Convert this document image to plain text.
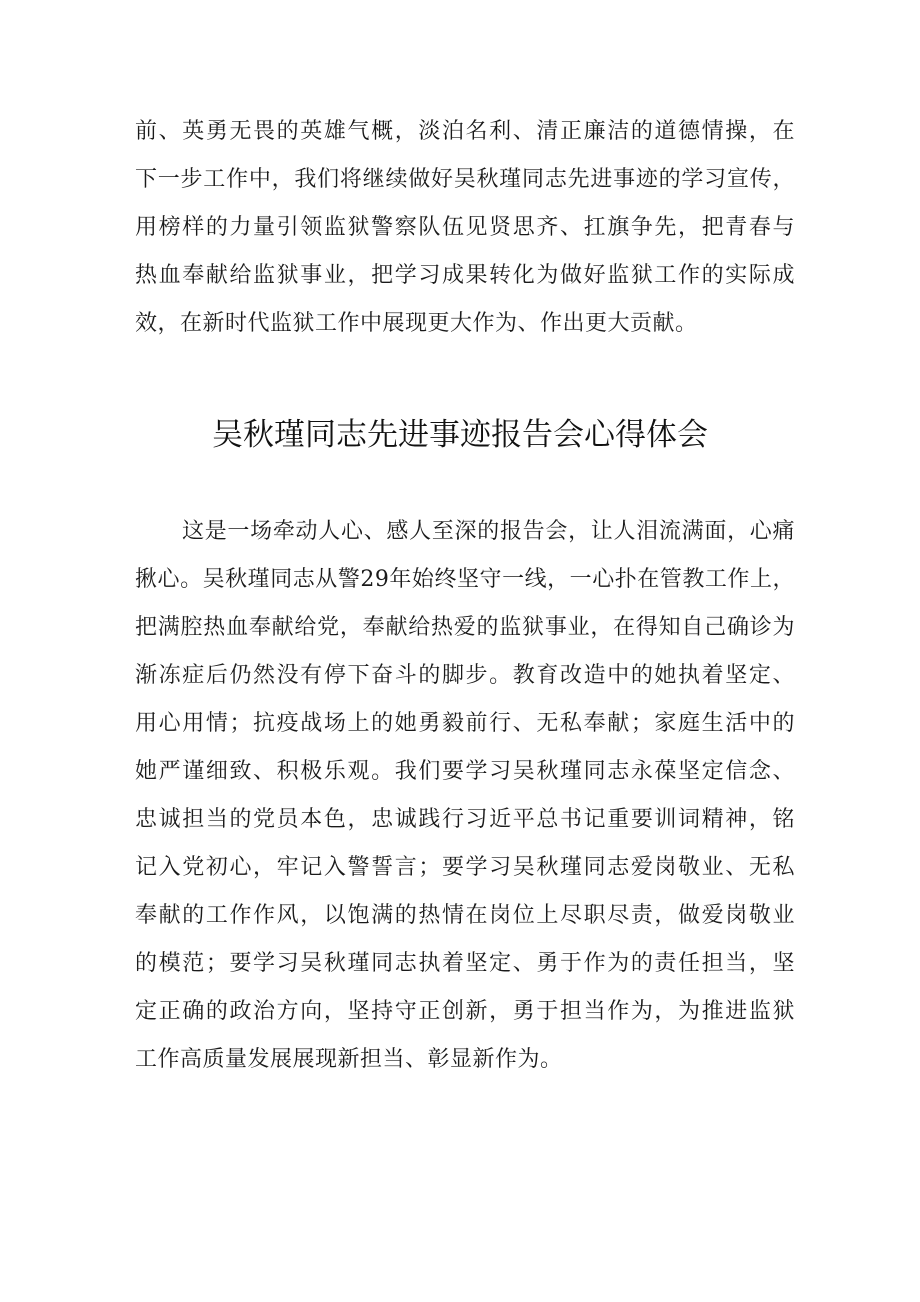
前、英勇无畏的英雄气概，淡泊名利、清正廉洁的道德情操，在
下一步工作中，我们将继续做好吴秋瑾同志先进事迹的学习宣传，
用榜样的力量引领监狱警察队伍见贤思齐、扛旗争先，把青春与
热血奉献给监狱事业，把学习成果转化为做好监狱工作的实际成
效，在新时代监狱工作中展现更大作为、作出更大贡献。
吴秋瑾同志先进事迹报告会心得体会
这是一场牵动人心、感人至深的报告会，让人泪流满面，心痛
揪心。吴秋瑾同志从警29年始终坚守一线，一心扑在管教工作上，
把满腔热血奉献给党，奉献给热爱的监狱事业，在得知自己确诊为
渐冻症后仍然没有停下奋斗的脚步。教育改造中的她执着坚定、
用心用情；抗疫战场上的她勇毅前行、无私奉献；家庭生活中的
她严谨细致、积极乐观。我们要学习吴秋瑾同志永葆坚定信念、
忠诚担当的党员本色，忠诚践行习近平总书记重要训词精神，铭
记入党初心，牢记入警誓言；要学习吴秋瑾同志爱岗敬业、无私
奉献的工作作风，以饱满的热情在岗位上尽职尽责，做爱岗敬业
的模范；要学习吴秋瑾同志执着坚定、勇于作为的责任担当，坚
定正确的政治方向，坚持守正创新，勇于担当作为，为推进监狱
工作高质量发展展现新担当、彰显新作为。
